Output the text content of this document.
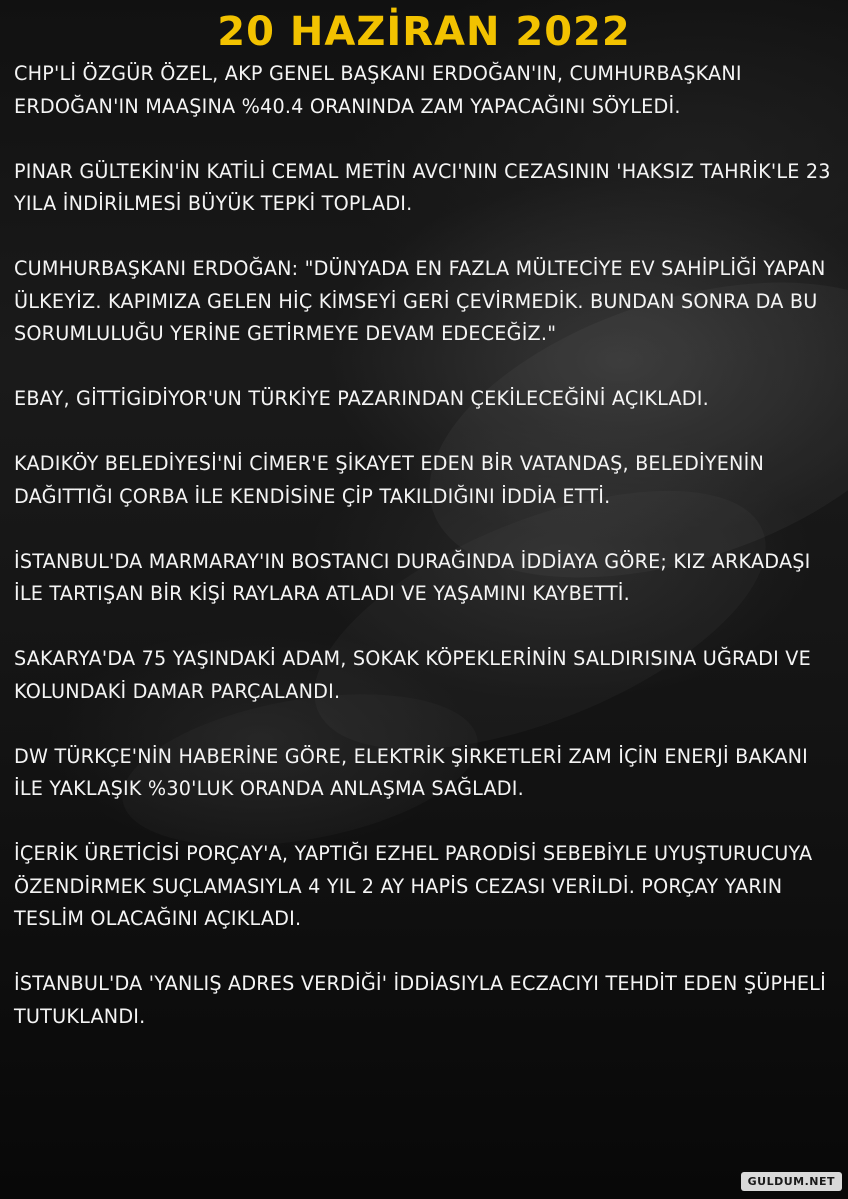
20 HAZİRAN 2022
CHP'Lİ ÖZGÜR ÖZEL, AKP GENEL BAŞKANI ERDOĞAN'IN, CUMHURBAŞKANI ERDOĞAN'IN MAAŞINA %40.4 ORANINDA ZAM YAPACAĞINI SÖYLEDİ.
PINAR GÜLTEKİN'İN KATİLİ CEMAL METİN AVCI'NIN CEZASININ 'HAKSIZ TAHRİK'LE 23 YILA İNDİRİLMESİ BÜYÜK TEPKİ TOPLADI.
CUMHURBAŞKANI ERDOĞAN: "DÜNYADA EN FAZLA MÜLTECİYE EV SAHİPLİĞİ YAPAN ÜLKEYİZ. KAPIMIZA GELEN HİÇ KİMSEYİ GERİ ÇEVİRMEDİK. BUNDAN SONRA DA BU SORUMLULUĞU YERİNE GETİRMEYE DEVAM EDECEĞİZ."
EBAY, GİTTİGİDİYOR'UN TÜRKİYE PAZARINDAN ÇEKİLECEĞİNİ AÇIKLADI.
KADIKÖY BELEDİYESİ'Nİ CİMER'E ŞİKAYET EDEN BİR VATANDAŞ, BELEDİYENİN DAĞITTIĞI ÇORBA İLE KENDİSİNE ÇİP TAKILDIĞINI İDDİA ETTİ.
İSTANBUL'DA MARMARAY'IN BOSTANCI DURAĞINDA İDDİAYA GÖRE; KIZ ARKADAŞI İLE TARTIŞAN BİR KİŞİ RAYLARA ATLADI VE YAŞAMINI KAYBETTİ.
SAKARYA'DA 75 YAŞINDAKİ ADAM, SOKAK KÖPEKLERİNİN SALDIRISINA UĞRADI VE KOLUNDAKİ DAMAR PARÇALANDI.
DW TÜRKÇE'NİN HABERİNE GÖRE, ELEKTRİK ŞİRKETLERİ ZAM İÇİN ENERJİ BAKANI İLE YAKLAŞIK %30'LUK ORANDA ANLAŞMA SAĞLADI.
İÇERİK ÜRETİCİSİ PORÇAY'A, YAPTIĞI EZHEL PARODİSİ SEBEBİYLE UYUŞTURUCUYA ÖZENDİRMEK SUÇLAMASIYLA 4 YIL 2 AY HAPİS CEZASI VERİLDİ. PORÇAY YARIN TESLİM OLACAĞINI AÇIKLADI.
İSTANBUL'DA 'YANLIŞ ADRES VERDİĞİ' İDDİASIYLA ECZACIYI TEHDİT EDEN ŞÜPHELİ TUTUKLANDI.
GULDUM.NET
